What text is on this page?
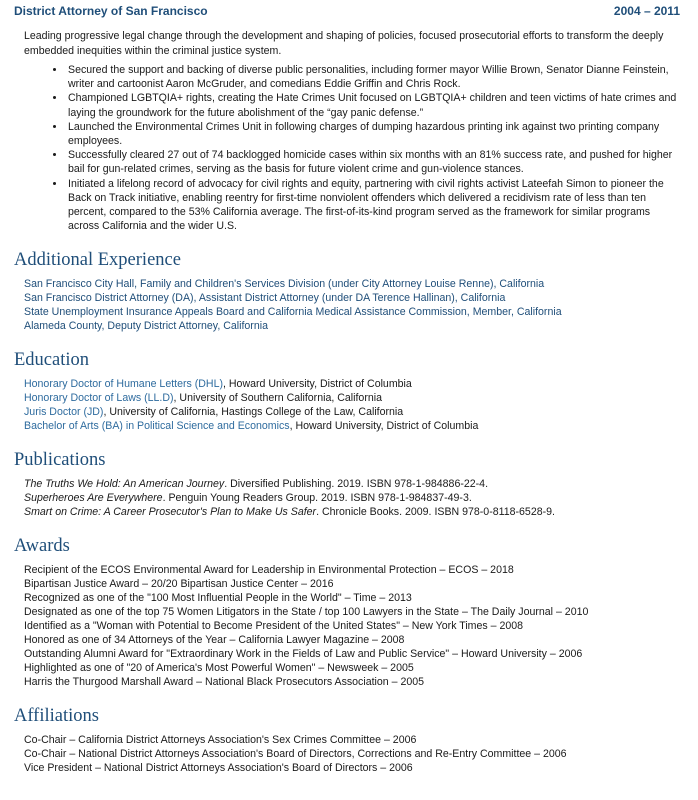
District Attorney of San Francisco	2004 – 2011
Leading progressive legal change through the development and shaping of policies, focused prosecutorial efforts to transform the deeply embedded inequities within the criminal justice system.
• Secured the support and backing of diverse public personalities, including former mayor Willie Brown, Senator Dianne Feinstein, writer and cartoonist Aaron McGruder, and comedians Eddie Griffin and Chris Rock.
• Championed LGBTQIA+ rights, creating the Hate Crimes Unit focused on LGBTQIA+ children and teen victims of hate crimes and laying the groundwork for the future abolishment of the “gay panic defense.”
• Launched the Environmental Crimes Unit in following charges of dumping hazardous printing ink against two printing company employees.
• Successfully cleared 27 out of 74 backlogged homicide cases within six months with an 81% success rate, and pushed for higher bail for gun-related crimes, serving as the basis for future violent crime and gun-violence stances.
• Initiated a lifelong record of advocacy for civil rights and equity, partnering with civil rights activist Lateefah Simon to pioneer the Back on Track initiative, enabling reentry for first-time nonviolent offenders which delivered a recidivism rate of less than ten percent, compared to the 53% California average. The first-of-its-kind program served as the framework for similar programs across California and the wider U.S.
Additional Experience
San Francisco City Hall, Family and Children's Services Division (under City Attorney Louise Renne), California
San Francisco District Attorney (DA), Assistant District Attorney (under DA Terence Hallinan), California
State Unemployment Insurance Appeals Board and California Medical Assistance Commission, Member, California
Alameda County, Deputy District Attorney, California
Education
Honorary Doctor of Humane Letters (DHL), Howard University, District of Columbia
Honorary Doctor of Laws (LL.D), University of Southern California, California
Juris Doctor (JD), University of California, Hastings College of the Law, California
Bachelor of Arts (BA) in Political Science and Economics, Howard University, District of Columbia
Publications
The Truths We Hold: An American Journey. Diversified Publishing. 2019. ISBN 978-1-984886-22-4.
Superheroes Are Everywhere. Penguin Young Readers Group. 2019. ISBN 978-1-984837-49-3.
Smart on Crime: A Career Prosecutor's Plan to Make Us Safer. Chronicle Books. 2009. ISBN 978-0-8118-6528-9.
Awards
Recipient of the ECOS Environmental Award for Leadership in Environmental Protection – ECOS – 2018
Bipartisan Justice Award – 20/20 Bipartisan Justice Center – 2016
Recognized as one of the "100 Most Influential People in the World" – Time – 2013
Designated as one of the top 75 Women Litigators in the State / top 100 Lawyers in the State – The Daily Journal – 2010
Identified as a "Woman with Potential to Become President of the United States" – New York Times – 2008
Honored as one of 34 Attorneys of the Year – California Lawyer Magazine – 2008
Outstanding Alumni Award for "Extraordinary Work in the Fields of Law and Public Service" – Howard University – 2006
Highlighted as one of "20 of America's Most Powerful Women" – Newsweek – 2005
Harris the Thurgood Marshall Award – National Black Prosecutors Association – 2005
Affiliations
Co-Chair – California District Attorneys Association's Sex Crimes Committee – 2006
Co-Chair – National District Attorneys Association's Board of Directors, Corrections and Re-Entry Committee – 2006
Vice President – National District Attorneys Association's Board of Directors – 2006
